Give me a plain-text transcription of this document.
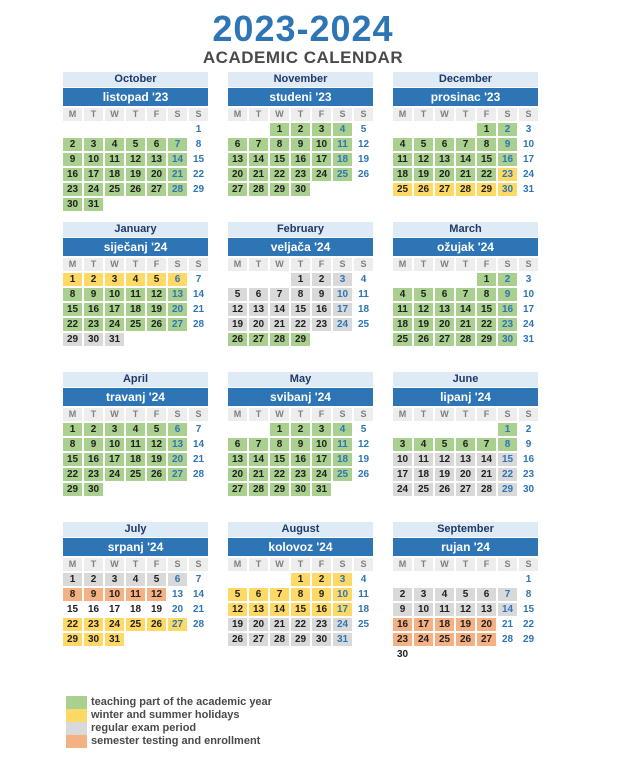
2023-2024
ACADEMIC CALENDAR
October
listopad '23
M	T	W	T	F	S	S
1
2	3	4	5	6	7	8
9	10	11	12 13 14 15
16 17 18 19 20 21 22
23 24 25 26 27 28 29
30 31
November
studeni '23
M	T	W	T	F	S	S
1	2	3	4	5
6	7	8	9	10	11	12
13 14 15 16 17 18 19
20 21 22 23 24 25 26
27 28 29 30
December
prosinac '23
M	T	W	T	F	S	S
1	2	3
4	5	6	7	8	9	10
11	12 13 14 15 16 17
18 19 20 21 22 23 24
25 26 27 28 29 30 31
January
siječanj '24
M	T	W	T	F	S	S
1	2	3	4	5	6	7
8	9	10	11	12 13 14
15 16 17 18 19 20 21
22 23 24 25 26 27 28
29 30 31
February
veljača '24
M	T	W	T	F	S	S
1	2	3	4
5	6	7	8	9	10	11
12 13 14 15 16 17 18
19 20 21 22 23 24 25
26 27 28 29
March
ožujak '24
M	T	W	T	F	S	S
1	2	3
4	5	6	7	8	9	10
11	12 13 14 15 16 17
18 19 20 21 22 23 24
25 26 27 28 29 30 31
April
travanj '24
M	T	W	T	F	S	S
1	2	3	4	5	6	7
8	9	10	11	12 13 14
15 16 17 18 19 20 21
22 23 24 25 26 27 28
29 30
May
svibanj '24
M	T	W	T	F	S	S
1	2	3	4	5
6	7	8	9	10	11	12
13 14 15 16 17 18 19
20 21 22 23 24 25 26
27 28 29 30 31
June
lipanj '24
M	T	W	T	F	S	S
1	2
3	4	5	6	7	8	9
10	11	12 13 14 15 16
17 18 19 20 21 22 23
24 25 26 27 28 29 30
July
srpanj '24
M	T	W	T	F	S	S
1	2	3	4	5	6	7
8	9	10	11	12 13 14
15 16 17 18 19 20 21
22 23 24 25 26 27 28
29 30 31
August
kolovoz '24
M	T	W	T	F	S	S
1	2	3	4
5	6	7	8	9	10	11
12 13 14 15 16 17 18
19 20 21 22 23 24 25
26 27 28 29 30 31
September
rujan '24
M	T	W	T	F	S	S
1
2	3	4	5	6	7	8
9	10	11	12 13 14 15
16 17 18 19 20 21 22
23 24 25 26 27 28 29
30
teaching part of the academic year
winter and summer holidays
regular exam period
semester testing and enrollment
